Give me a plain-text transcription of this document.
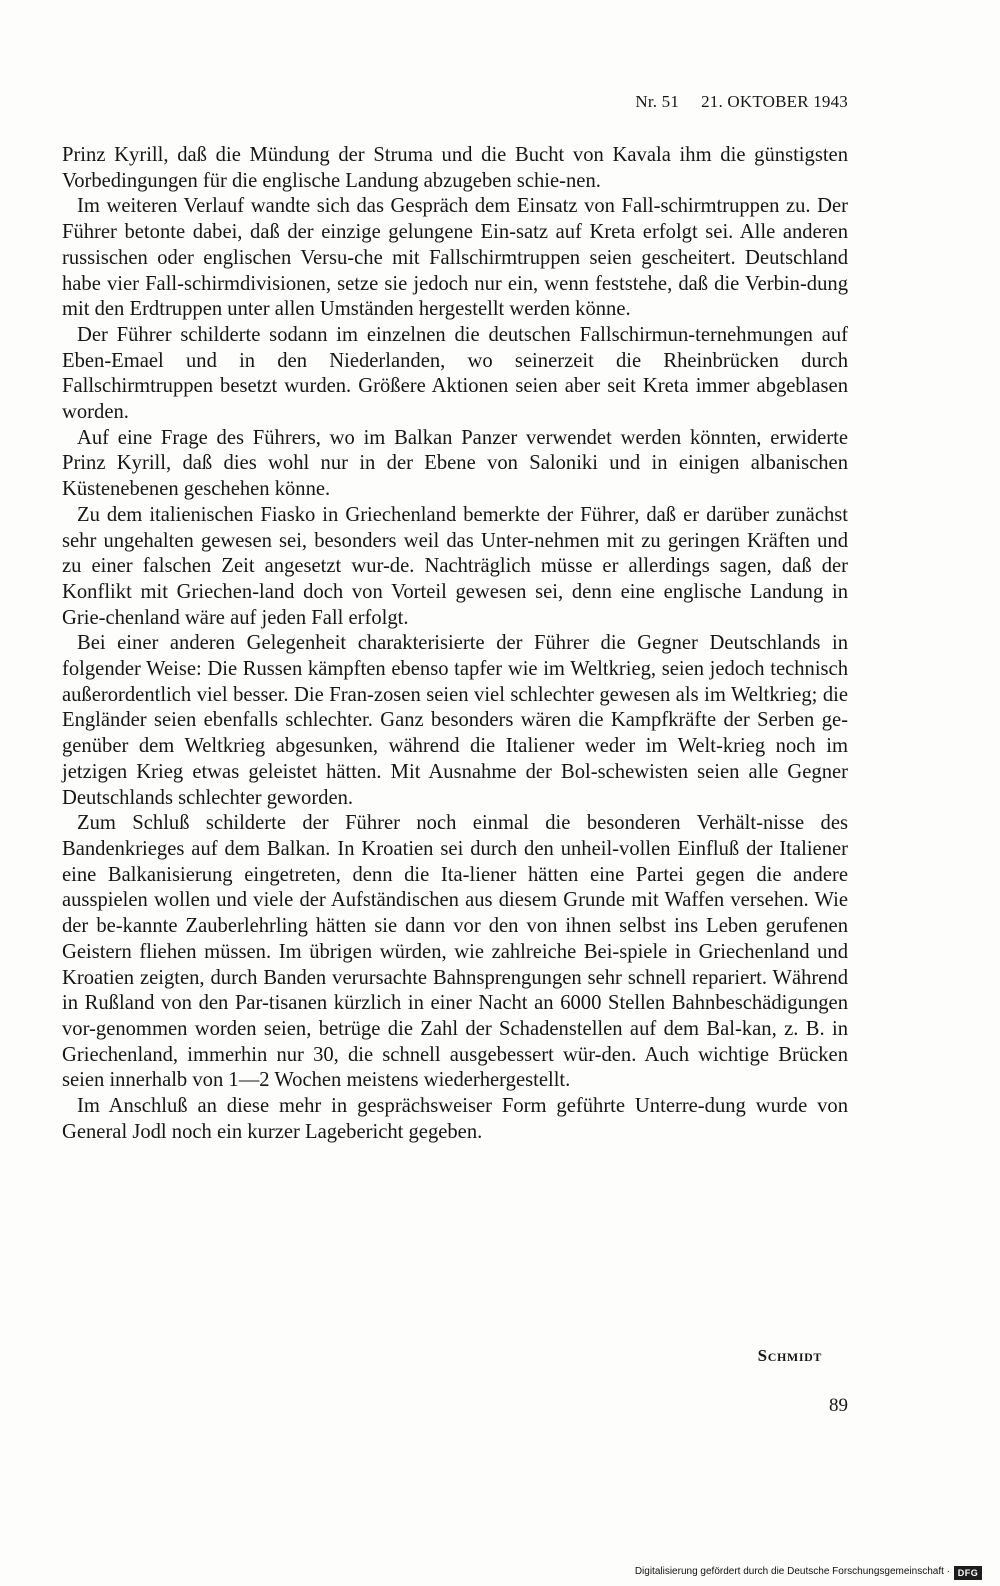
Nr. 51 21. OKTOBER 1943

Prinz Kyrill, daß die Mündung der Struma und die Bucht von Kavala ihm die günstigsten Vorbedingungen für die englische Landung abzugeben schie-nen.

Im weiteren Verlauf wandte sich das Gespräch dem Einsatz von Fall-schirmtruppen zu. Der Führer betonte dabei, daß der einzige gelungene Ein-satz auf Kreta erfolgt sei. Alle anderen russischen oder englischen Versu-che mit Fallschirmtruppen seien gescheitert. Deutschland habe vier Fall-schirmdivisionen, setze sie jedoch nur ein, wenn feststehe, daß die Verbin-dung mit den Erdtruppen unter allen Umständen hergestellt werden könne.

Der Führer schilderte sodann im einzelnen die deutschen Fallschirmun-ternehmungen auf Eben-Emael und in den Niederlanden, wo seinerzeit die Rheinbrücken durch Fallschirmtruppen besetzt wurden. Größere Aktionen seien aber seit Kreta immer abgeblasen worden.

Auf eine Frage des Führers, wo im Balkan Panzer verwendet werden könnten, erwiderte Prinz Kyrill, daß dies wohl nur in der Ebene von Saloniki und in einigen albanischen Küstenebenen geschehen könne.

Zu dem italienischen Fiasko in Griechenland bemerkte der Führer, daß er darüber zunächst sehr ungehalten gewesen sei, besonders weil das Unter-nehmen mit zu geringen Kräften und zu einer falschen Zeit angesetzt wur-de. Nachträglich müsse er allerdings sagen, daß der Konflikt mit Griechen-land doch von Vorteil gewesen sei, denn eine englische Landung in Grie-chenland wäre auf jeden Fall erfolgt.

Bei einer anderen Gelegenheit charakterisierte der Führer die Gegner Deutschlands in folgender Weise: Die Russen kämpften ebenso tapfer wie im Weltkrieg, seien jedoch technisch außerordentlich viel besser. Die Fran-zosen seien viel schlechter gewesen als im Weltkrieg; die Engländer seien ebenfalls schlechter. Ganz besonders wären die Kampfkräfte der Serben ge-genüber dem Weltkrieg abgesunken, während die Italiener weder im Welt-krieg noch im jetzigen Krieg etwas geleistet hätten. Mit Ausnahme der Bol-schewisten seien alle Gegner Deutschlands schlechter geworden.

Zum Schluß schilderte der Führer noch einmal die besonderen Verhält-nisse des Bandenkrieges auf dem Balkan. In Kroatien sei durch den unheil-vollen Einfluß der Italiener eine Balkanisierung eingetreten, denn die Ita-liener hätten eine Partei gegen die andere ausspielen wollen und viele der Aufständischen aus diesem Grunde mit Waffen versehen. Wie der be-kannte Zauberlehrling hätten sie dann vor den von ihnen selbst ins Leben gerufenen Geistern fliehen müssen. Im übrigen würden, wie zahlreiche Bei-spiele in Griechenland und Kroatien zeigten, durch Banden verursachte Bahnsprengungen sehr schnell repariert. Während in Rußland von den Par-tisanen kürzlich in einer Nacht an 6000 Stellen Bahnbeschädigungen vor-genommen worden seien, betrüge die Zahl der Schadenstellen auf dem Bal-kan, z. B. in Griechenland, immerhin nur 30, die schnell ausgebessert wür-den. Auch wichtige Brücken seien innerhalb von 1—2 Wochen meistens wiederhergestellt.

Im Anschluß an diese mehr in gesprächsweiser Form geführte Unterre-dung wurde von General Jodl noch ein kurzer Lagebericht gegeben.

Schmidt
89
Digitalisierung gefördert durch die Deutsche Forschungsgemeinschaft · DFG
